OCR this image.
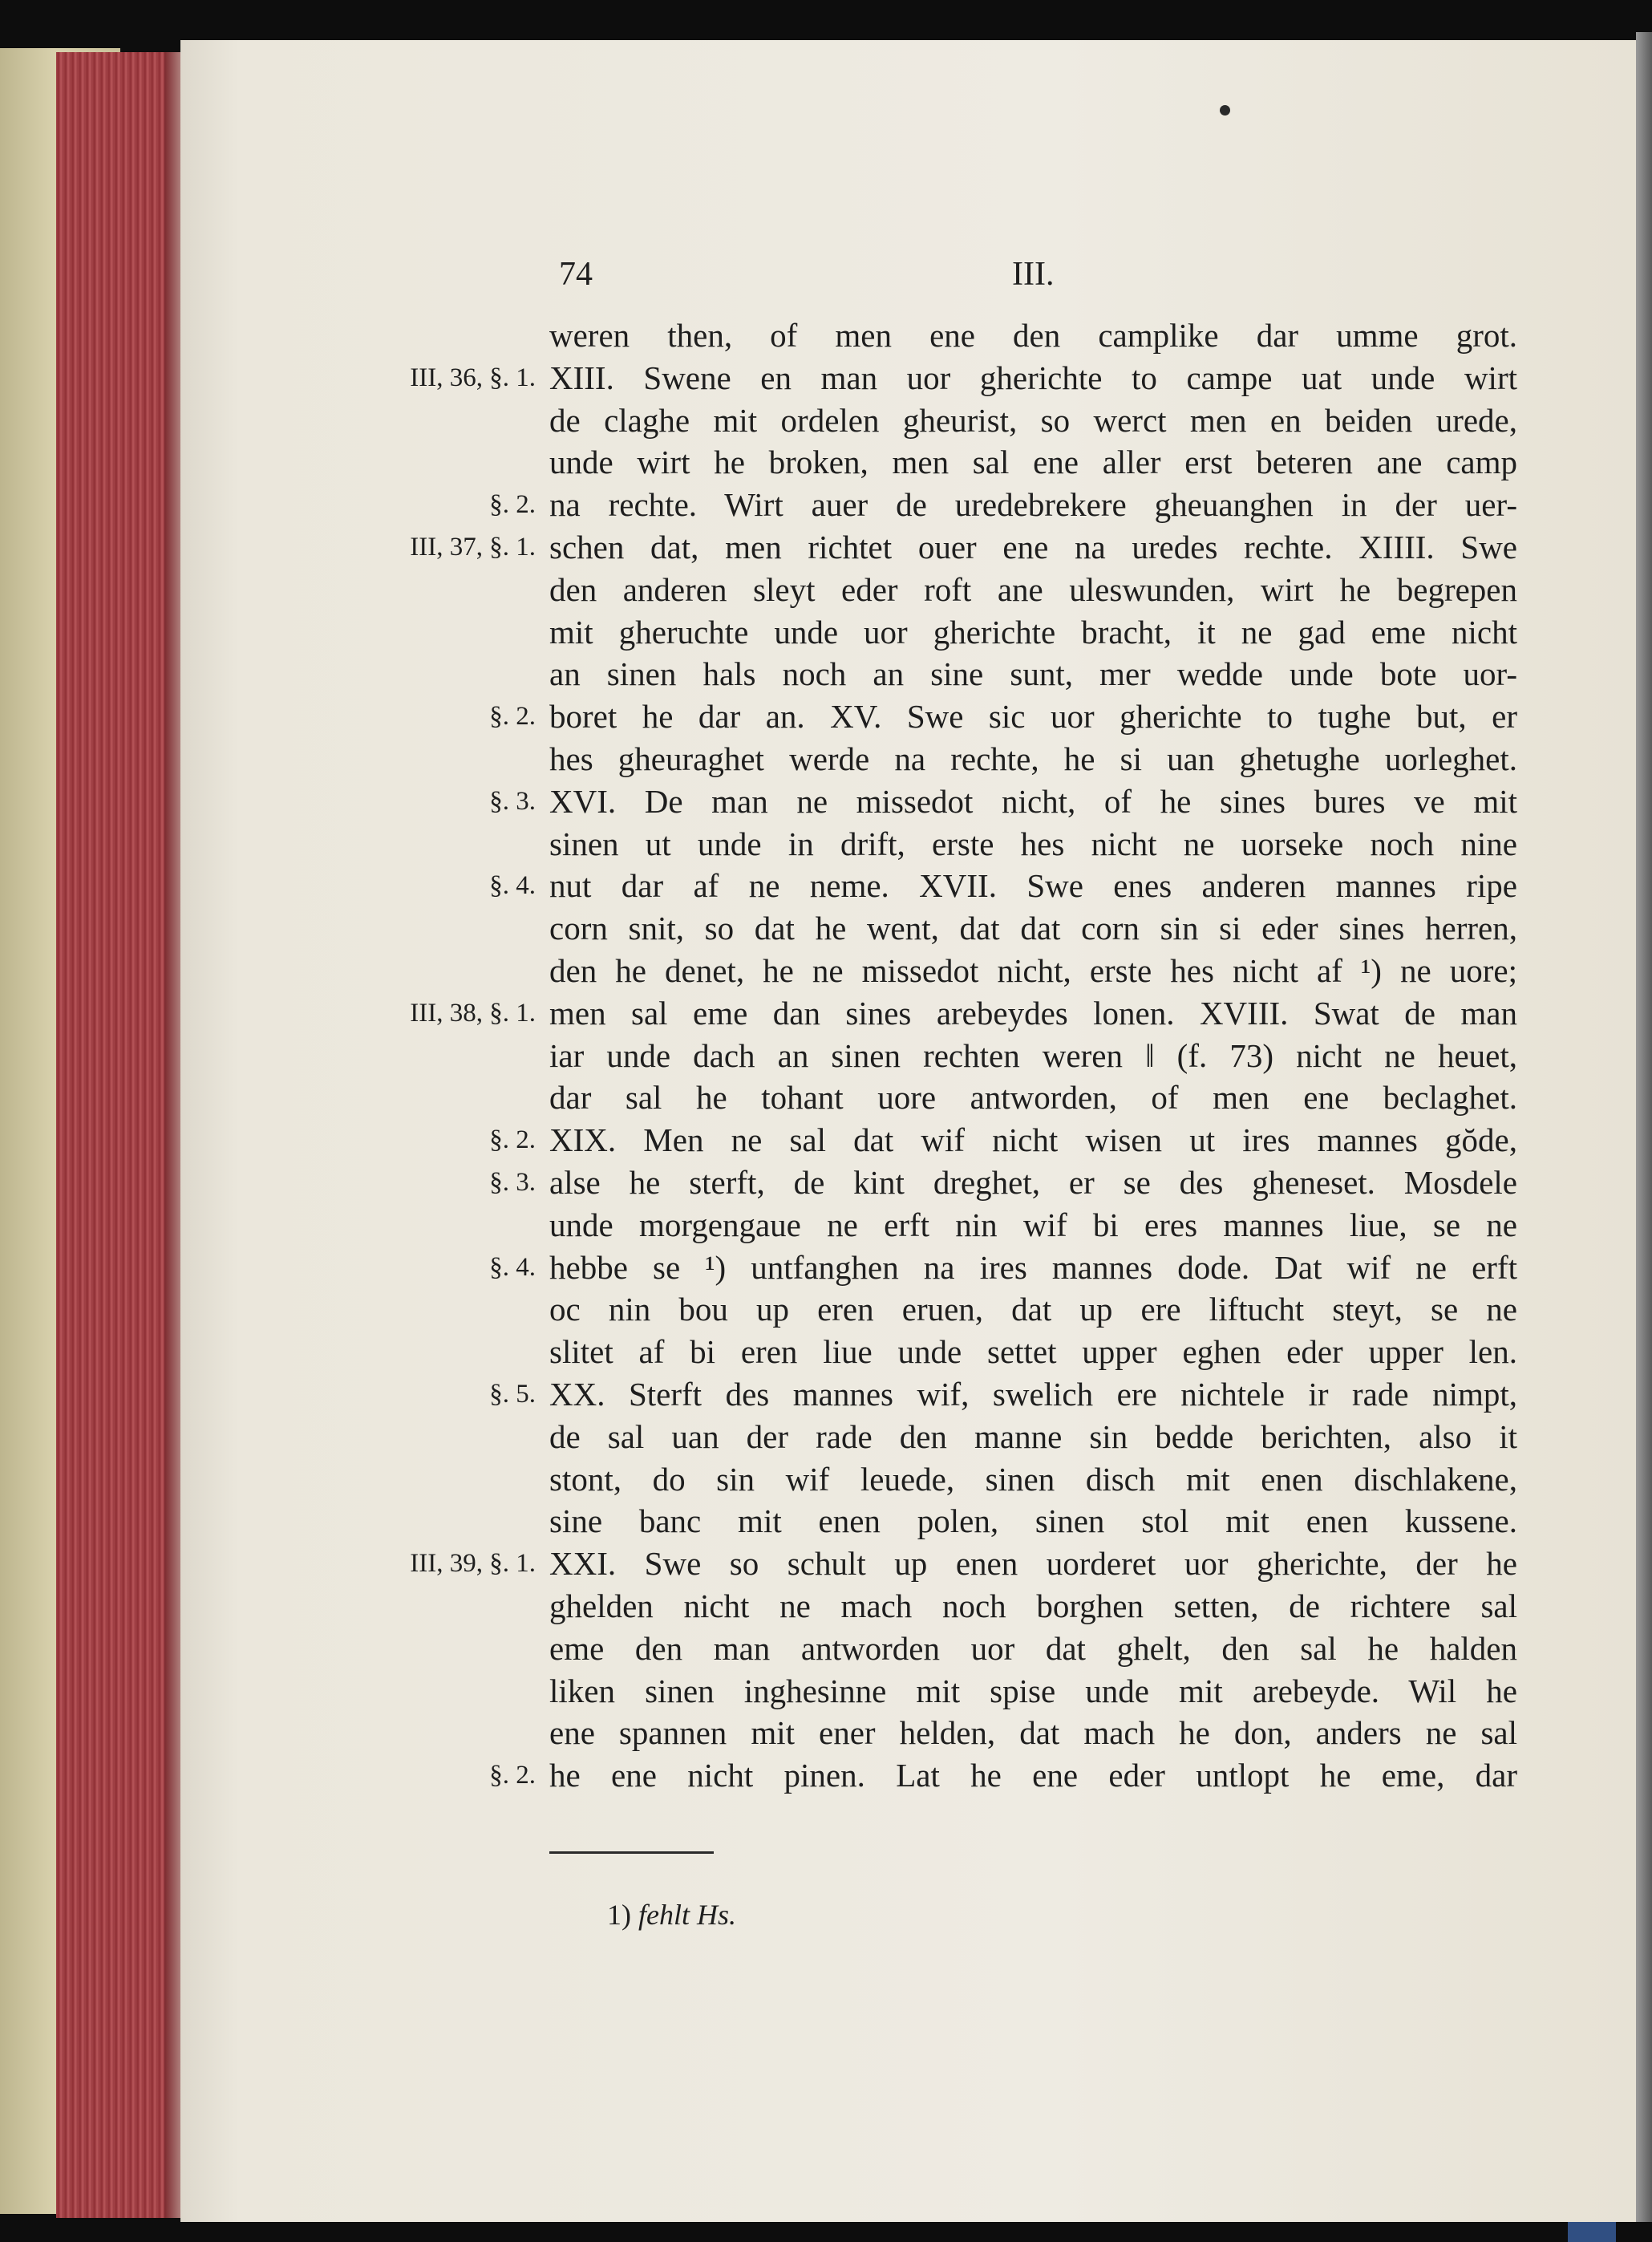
74	III.
weren then, of men ene den camplike dar umme grot.
XIII. Swene en man uor gherichte to campe uat unde wirt
de claghe mit ordelen gheurist, so werct men en beiden urede,
unde wirt he broken, men sal ene aller erst beteren ane camp
na rechte. Wirt auer de uredebrekere gheuanghen in der uer-
schen dat, men richtet ouer ene na uredes rechte. XIIII. Swe
den anderen sleyt eder roft ane uleswunden, wirt he begrepen
mit gheruchte unde uor gherichte bracht, it ne gad eme nicht
an sinen hals noch an sine sunt, mer wedde unde bote uor-
boret he dar an. XV. Swe sic uor gherichte to tughe but, er
hes gheuraghet werde na rechte, he si uan ghetughe uorleghet.
XVI. De man ne missedot nicht, of he sines bures ve mit
sinen ut unde in drift, erste hes nicht ne uorseke noch nine
nut dar af ne neme. XVII. Swe enes anderen mannes ripe
corn snit, so dat he went, dat dat corn sin si eder sines herren,
den he denet, he ne missedot nicht, erste hes nicht af ¹) ne uore;
men sal eme dan sines arebeydes lonen. XVIII. Swat de man
iar unde dach an sinen rechten weren ‖ (f. 73) nicht ne heuet,
dar sal he tohant uore antworden, of men ene beclaghet.
XIX. Men ne sal dat wif nicht wisen ut ires mannes gŏde,
alse he sterft, de kint dreghet, er se des gheneset. Mosdele
unde morgengaue ne erft nin wif bi eres mannes liue, se ne
hebbe se ¹) untfanghen na ires mannes dode. Dat wif ne erft
oc nin bou up eren eruen, dat up ere liftucht steyt, se ne
slitet af bi eren liue unde settet upper eghen eder upper len.
XX. Sterft des mannes wif, swelich ere nichtele ir rade nimpt,
de sal uan der rade den manne sin bedde berichten, also it
stont, do sin wif leuede, sinen disch mit enen dischlakene,
sine banc mit enen polen, sinen stol mit enen kussene.
XXI. Swe so schult up enen uorderet uor gherichte, der he
ghelden nicht ne mach noch borghen setten, de richtere sal
eme den man antworden uor dat ghelt, den sal he halden
liken sinen inghesinne mit spise unde mit arebeyde. Wil he
ene spannen mit ener helden, dat mach he don, anders ne sal
he ene nicht pinen. Lat he ene eder untlopt he eme, dar
III, 36, §. 1.
§. 2.
III, 37, §. 1.
§. 2.
§. 3.
§. 4.
III, 38, §. 1.
§. 2.
§. 3.
§. 4.
§. 5.
III, 39, §. 1.
§. 2.
1) fehlt Hs.
